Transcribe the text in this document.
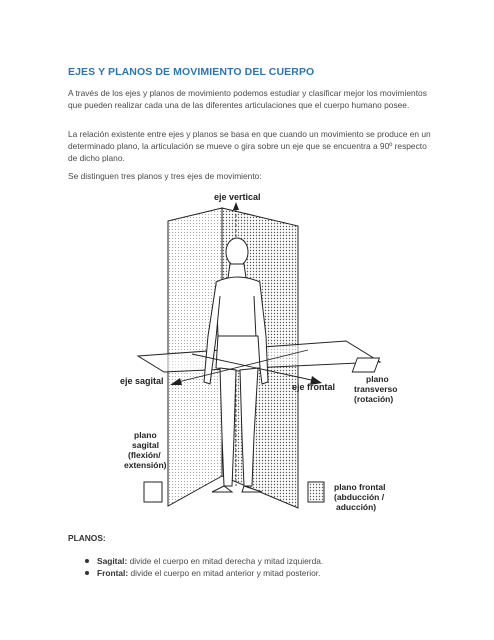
EJES Y PLANOS DE MOVIMIENTO DEL CUERPO

A través de los ejes y planos de movimiento podemos estudiar y clasificar mejor los movimientos que pueden realizar cada una de las diferentes articulaciones que el cuerpo humano posee.

La relación existente entre ejes y planos se basa en que cuando un movimiento se produce en un determinado plano, la articulación se mueve o gira sobre un eje que se encuentra a 90º respecto de dicho plano.

Se distinguen tres planos y tres ejes de movimiento:

eje vertical
eje sagital
eje frontal
plano
transverso
(rotación)
plano
sagital
(flexión/
extensión)
plano frontal
(abducción /
aducción)

PLANOS:

Sagital: divide el cuerpo en mitad derecha y mitad izquierda.
Frontal: divide el cuerpo en mitad anterior y mitad posterior.
